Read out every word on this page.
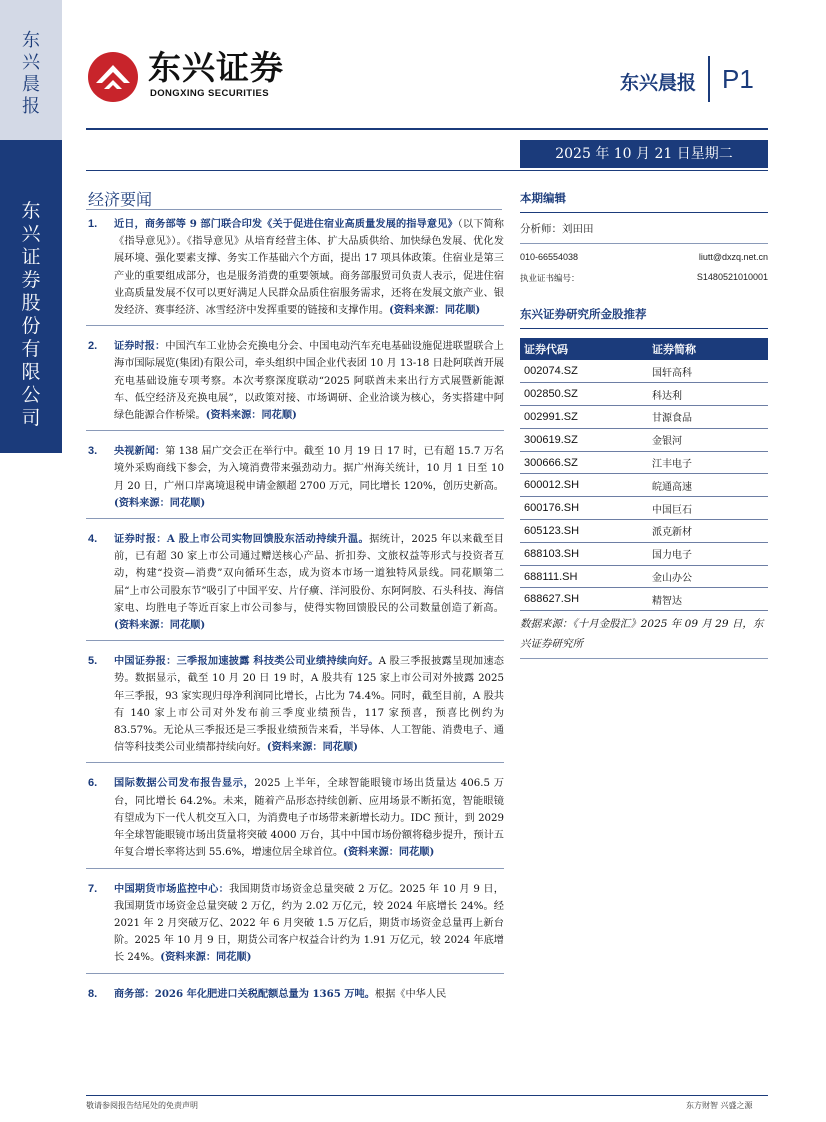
东兴晨报
东兴证券股份有限公司
东兴证券
DONGXING SECURITIES	东兴晨报 P1
2025 年 10 月 21 日星期二
经济要闻
1. 近日，商务部等 9 部门联合印发《关于促进住宿业高质量发展的指导意见》（以下简称《指导意见》）。《指导意见》从培育经营主体、扩大品质供给、加快绿色发展、优化发展环境、强化要素支撑、务实工作基础六个方面，提出 17 项具体政策。住宿业是第三产业的重要组成部分，也是服务消费的重要领域。商务部服贸司负责人表示，促进住宿业高质量发展不仅可以更好满足人民群众品质住宿服务需求，还将在发展文旅产业、银发经济、赛事经济、冰雪经济中发挥重要的链接和支撑作用。(资料来源：同花顺)
2. 证券时报：中国汽车工业协会充换电分会、中国电动汽车充电基础设施促进联盟联合上海市国际展览(集团)有限公司，牵头组织中国企业代表团 10 月 13-18 日赴阿联酋开展充电基础设施专项考察。本次考察深度联动“2025 阿联酋未来出行方式展暨新能源车、低空经济及充换电展”，以政策对接、市场调研、企业洽谈为核心，务实搭建中阿绿色能源合作桥梁。(资料来源：同花顺)
3. 央视新闻：第 138 届广交会正在举行中。截至 10 月 19 日 17 时，已有超 15.7 万名境外采购商线下参会，为入境消费带来强劲动力。据广州海关统计，10 月 1 日至 10 月 20 日，广州口岸离境退税申请金额超 2700 万元，同比增长 120%，创历史新高。(资料来源：同花顺)
4. 证券时报：A 股上市公司实物回馈股东活动持续升温。据统计，2025 年以来截至目前，已有超 30 家上市公司通过赠送核心产品、折扣券、文旅权益等形式与投资者互动，构建“投资—消费”双向循环生态，成为资本市场一道独特风景线。同花顺第二届“上市公司股东节”吸引了中国平安、片仔癀、洋河股份、东阿阿胶、石头科技、海信家电、均胜电子等近百家上市公司参与，使得实物回馈股民的公司数量创造了新高。(资料来源：同花顺)
5. 中国证券报：三季报加速披露 科技类公司业绩持续向好。A 股三季报披露呈现加速态势。数据显示，截至 10 月 20 日 19 时，A 股共有 125 家上市公司对外披露 2025 年三季报，93 家实现归母净利润同比增长，占比为 74.4%。同时，截至目前，A 股共有 140 家上市公司对外发布前三季度业绩预告，117 家预喜，预喜比例约为 83.57%。无论从三季报还是三季报业绩预告来看，半导体、人工智能、消费电子、通信等科技类公司业绩都持续向好。(资料来源：同花顺)
6. 国际数据公司发布报告显示，2025 上半年，全球智能眼镜市场出货量达 406.5 万台，同比增长 64.2%。未来，随着产品形态持续创新、应用场景不断拓宽，智能眼镜有望成为下一代人机交互入口，为消费电子市场带来新增长动力。IDC 预计，到 2029 年全球智能眼镜市场出货量将突破 4000 万台，其中中国市场份额将稳步提升，预计五年复合增长率将达到 55.6%，增速位居全球首位。(资料来源：同花顺)
7. 中国期货市场监控中心：我国期货市场资金总量突破 2 万亿。2025 年 10 月 9 日，我国期货市场资金总量突破 2 万亿，约为 2.02 万亿元，较 2024 年底增长 24%。经 2021 年 2 月突破万亿、2022 年 6 月突破 1.5 万亿后，期货市场资金总量再上新台阶。2025 年 10 月 9 日，期货公司客户权益合计约为 1.91 万亿元，较 2024 年底增长 24%。(资料来源：同花顺)
8. 商务部：2026 年化肥进口关税配额总量为 1365 万吨。根据《中华人民
本期编辑
分析师：刘田田
010-66554038	liutt@dxzq.net.cn
执业证书编号：	S1480521010001
东兴证券研究所金股推荐
证券代码	证券简称
002074.SZ	国轩高科
002850.SZ	科达利
002991.SZ	甘源食品
300619.SZ	金银河
300666.SZ	江丰电子
600012.SH	皖通高速
600176.SH	中国巨石
605123.SH	派克新材
688103.SH	国力电子
688111.SH	金山办公
688627.SH	精智达
数据来源：《十月金股汇》2025 年 09 月 29 日，东兴证券研究所
敬请参阅报告结尾处的免责声明	东方财智 兴盛之源
